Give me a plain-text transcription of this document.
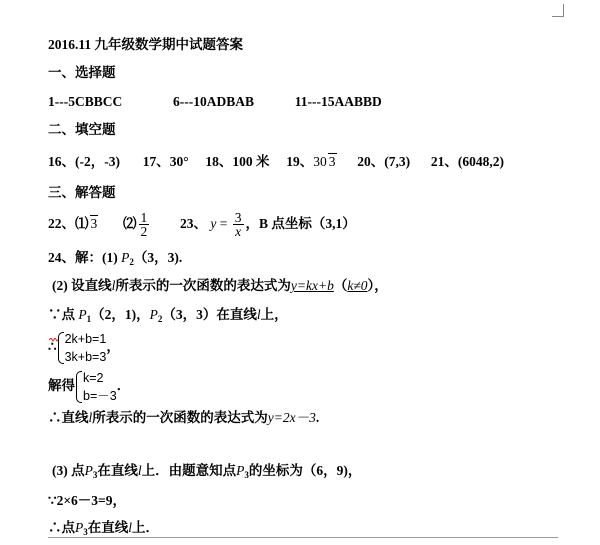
2016.11 九年级数学期中试题答案
一、选择题
1---5CBBCC	6---10ADBAB	11---15AABBD
二、填空题
16、(-2，-3) 17、30° 18、100 米 19、30 3 20、(7,3) 21、(6048,2)
三、解答题
22、⑴ 3 ⑵ $\frac{1}{2} 23$、 $y = \frac{3}{x}$ ，B 点坐标（3,1）
24、解：(1) $P_2(3$，3).
(2) 设直线l所表示的一次函数的表达式为y=kx+b（k≠0），
∵点 $P_1(2$，1)，$P_2(3$，3）在直线l上，
∴
2k+b=1
3k+b=3
，
解得
k=2
b=－3
．
∴直线l所表示的一次函数的表达式为y=2x－3.
(3) 点$P_3$在直线l上．由题意知点$P_3$的坐标为（6，9)，
∵2×6－3=9，
∴点$P_3$在直线l上．
